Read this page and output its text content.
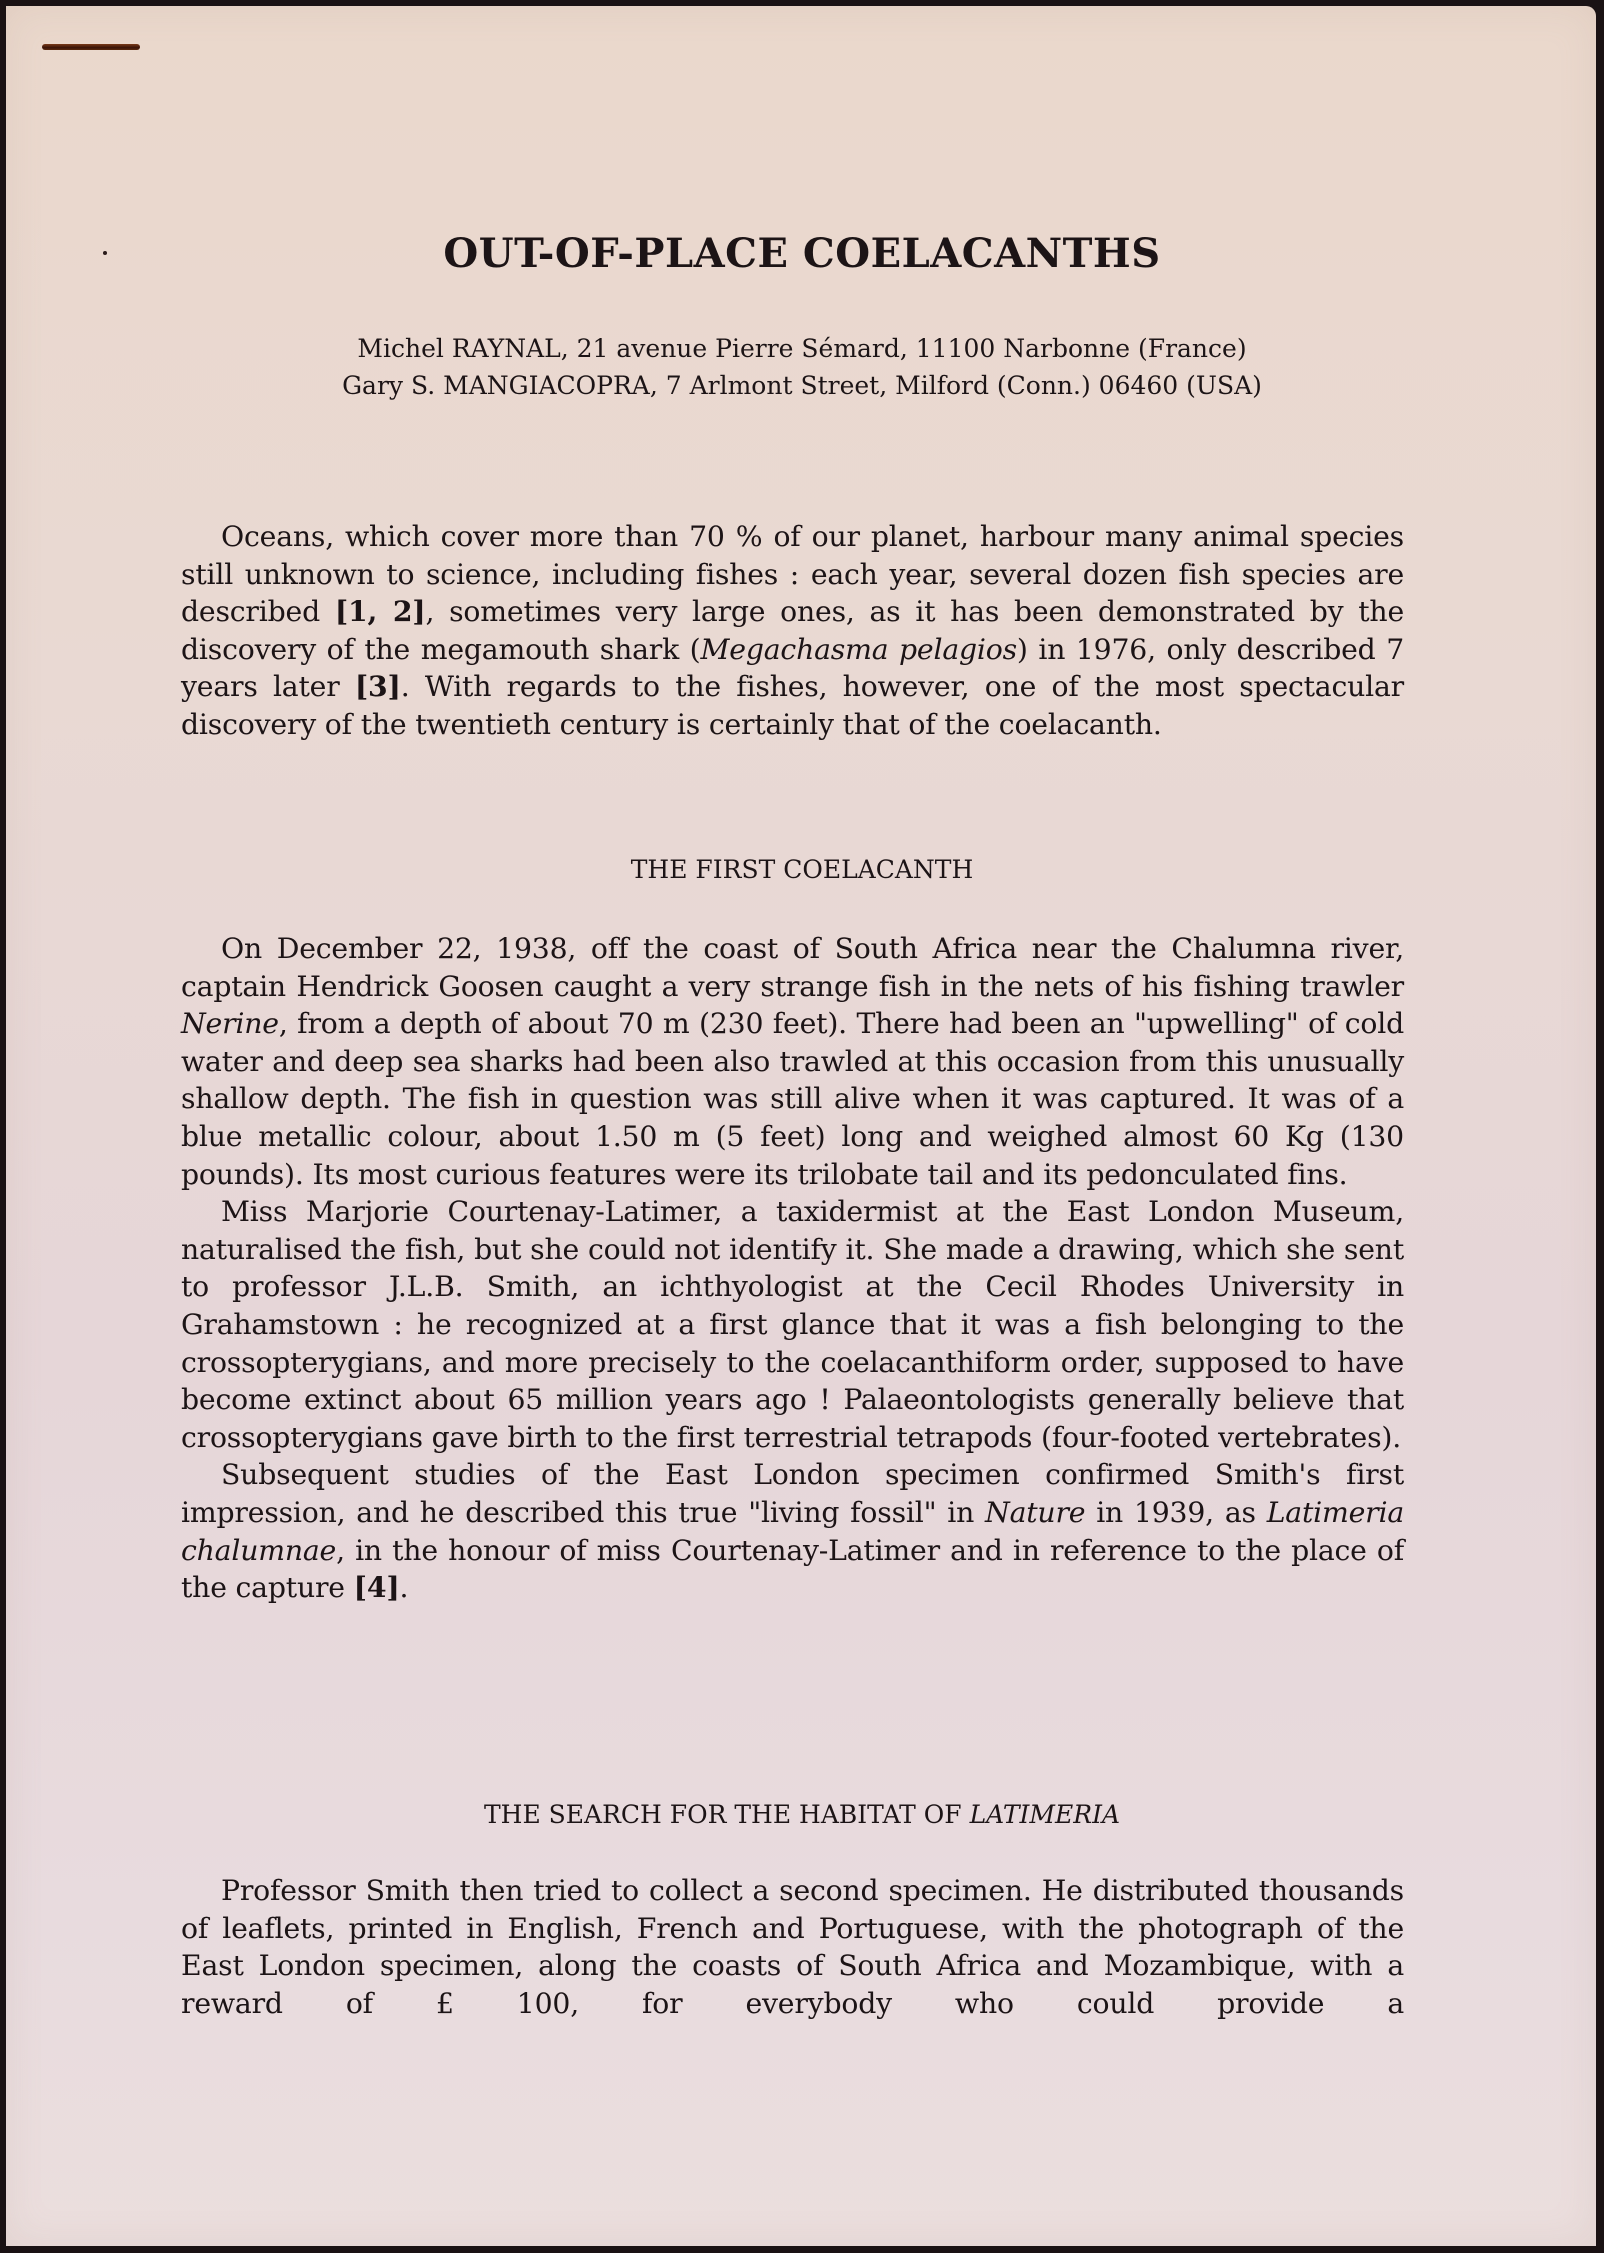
OUT-OF-PLACE COELACANTHS
Michel RAYNAL, 21 avenue Pierre Sémard, 11100 Narbonne (France)
Gary S. MANGIACOPRA, 7 Arlmont Street, Milford (Conn.) 06460 (USA)

Oceans, which cover more than 70 % of our planet, harbour many animal species still unknown to science, including fishes : each year, several dozen fish species are described [1, 2], sometimes very large ones, as it has been demonstrated by the discovery of the megamouth shark (Megachasma pelagios) in 1976, only described 7 years later [3]. With regards to the fishes, however, one of the most spectacular discovery of the twentieth century is certainly that of the coelacanth.

THE FIRST COELACANTH

On December 22, 1938, off the coast of South Africa near the Chalumna river, captain Hendrick Goosen caught a very strange fish in the nets of his fishing trawler Nerine, from a depth of about 70 m (230 feet). There had been an "upwelling" of cold water and deep sea sharks had been also trawled at this occasion from this unusually shallow depth. The fish in question was still alive when it was captured. It was of a blue metallic colour, about 1.50 m (5 feet) long and weighed almost 60 Kg (130 pounds). Its most curious features were its trilobate tail and its pedonculated fins.

Miss Marjorie Courtenay-Latimer, a taxidermist at the East London Museum, naturalised the fish, but she could not identify it. She made a drawing, which she sent to professor J.L.B. Smith, an ichthyologist at the Cecil Rhodes University in Grahamstown : he recognized at a first glance that it was a fish belonging to the crossopterygians, and more precisely to the coelacanthiform order, supposed to have become extinct about 65 million years ago ! Palaeontologists generally believe that crossopterygians gave birth to the first terrestrial tetrapods (four-footed vertebrates).

Subsequent studies of the East London specimen confirmed Smith's first impression, and he described this true "living fossil" in Nature in 1939, as Latimeria chalumnae, in the honour of miss Courtenay-Latimer and in reference to the place of the capture [4].

THE SEARCH FOR THE HABITAT OF LATIMERIA

Professor Smith then tried to collect a second specimen. He distributed thousands of leaflets, printed in English, French and Portuguese, with the photograph of the East London specimen, along the coasts of South Africa and Mozambique, with a reward of £ 100, for everybody who could provide a
